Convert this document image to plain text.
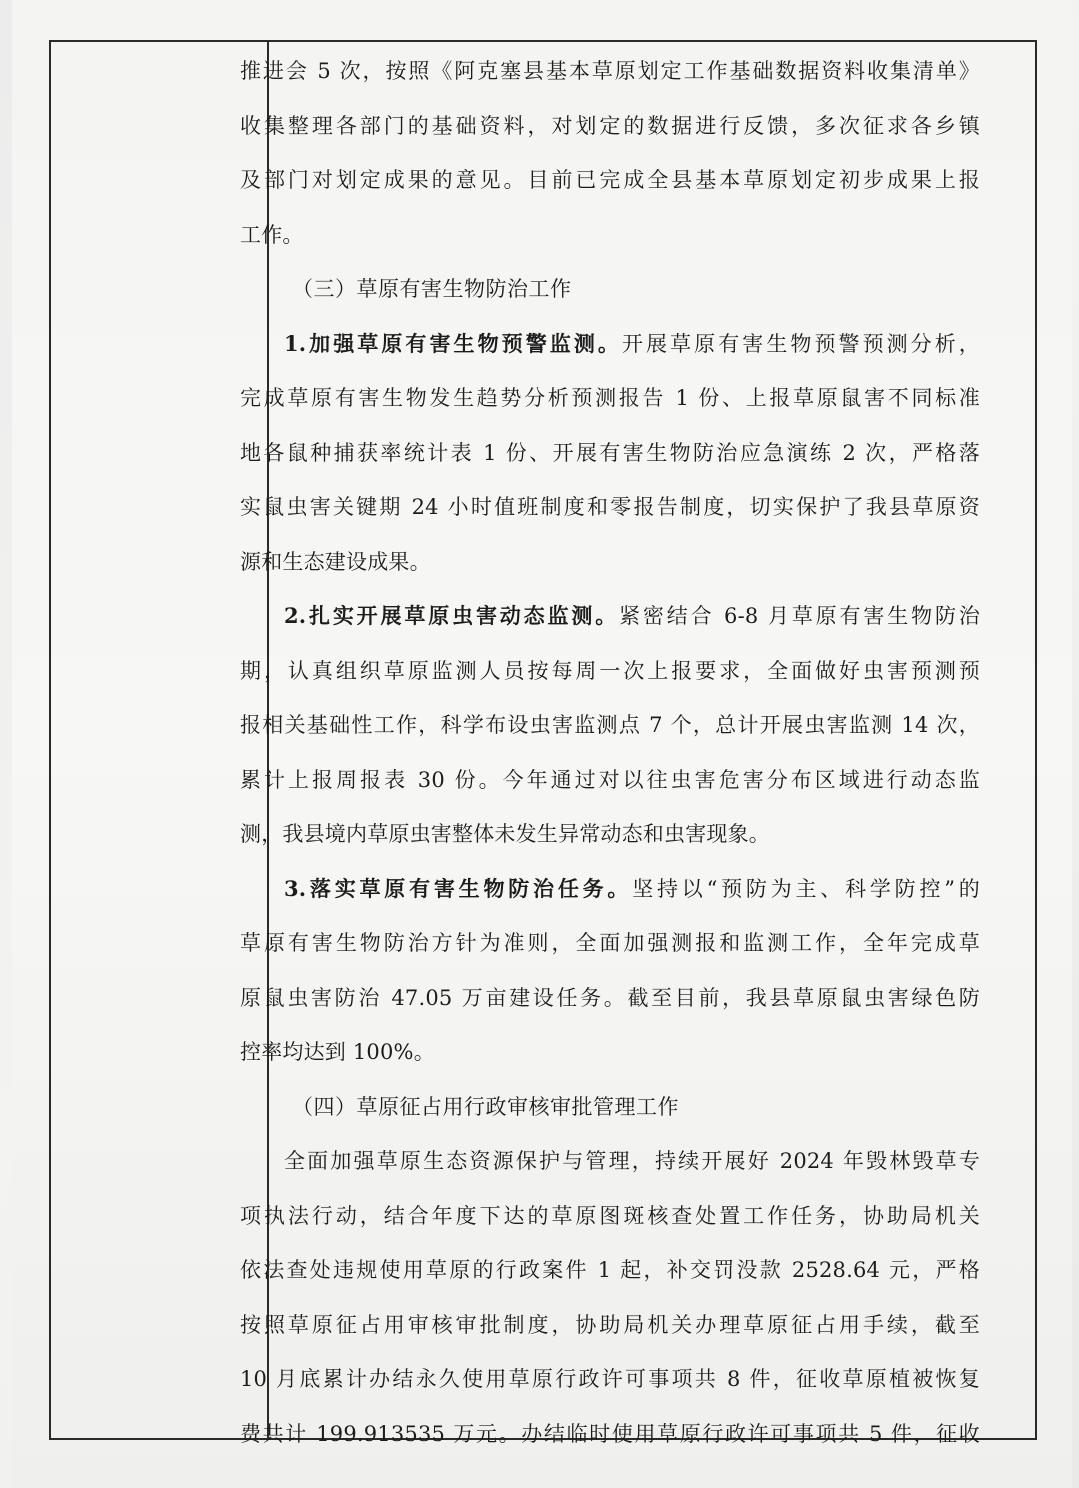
推进会 5 次，按照《阿克塞县基本草原划定工作基础数据资料收集清单》

收集整理各部门的基础资料，对划定的数据进行反馈，多次征求各乡镇

及部门对划定成果的意见。目前已完成全县基本草原划定初步成果上报

工作。

（三）草原有害生物防治工作

1.加强草原有害生物预警监测。开展草原有害生物预警预测分析，

完成草原有害生物发生趋势分析预测报告 1 份、上报草原鼠害不同标准

地各鼠种捕获率统计表 1 份、开展有害生物防治应急演练 2 次，严格落

实鼠虫害关键期 24 小时值班制度和零报告制度，切实保护了我县草原资

源和生态建设成果。

2.扎实开展草原虫害动态监测。紧密结合 6-8 月草原有害生物防治

期，认真组织草原监测人员按每周一次上报要求，全面做好虫害预测预

报相关基础性工作，科学布设虫害监测点 7 个，总计开展虫害监测 14 次，

累计上报周报表 30 份。今年通过对以往虫害危害分布区域进行动态监

测，我县境内草原虫害整体未发生异常动态和虫害现象。

3.落实草原有害生物防治任务。坚持以“预防为主、科学防控”的

草原有害生物防治方针为准则，全面加强测报和监测工作，全年完成草

原鼠虫害防治 47.05 万亩建设任务。截至目前，我县草原鼠虫害绿色防

控率均达到 100%。

（四）草原征占用行政审核审批管理工作

全面加强草原生态资源保护与管理，持续开展好 2024 年毁林毁草专

项执法行动，结合年度下达的草原图斑核查处置工作任务，协助局机关

依法查处违规使用草原的行政案件 1 起，补交罚没款 2528.64 元，严格

按照草原征占用审核审批制度，协助局机关办理草原征占用手续，截至

10 月底累计办结永久使用草原行政许可事项共 8 件，征收草原植被恢复

费共计 199.913535 万元。办结临时使用草原行政许可事项共 5 件，征收
